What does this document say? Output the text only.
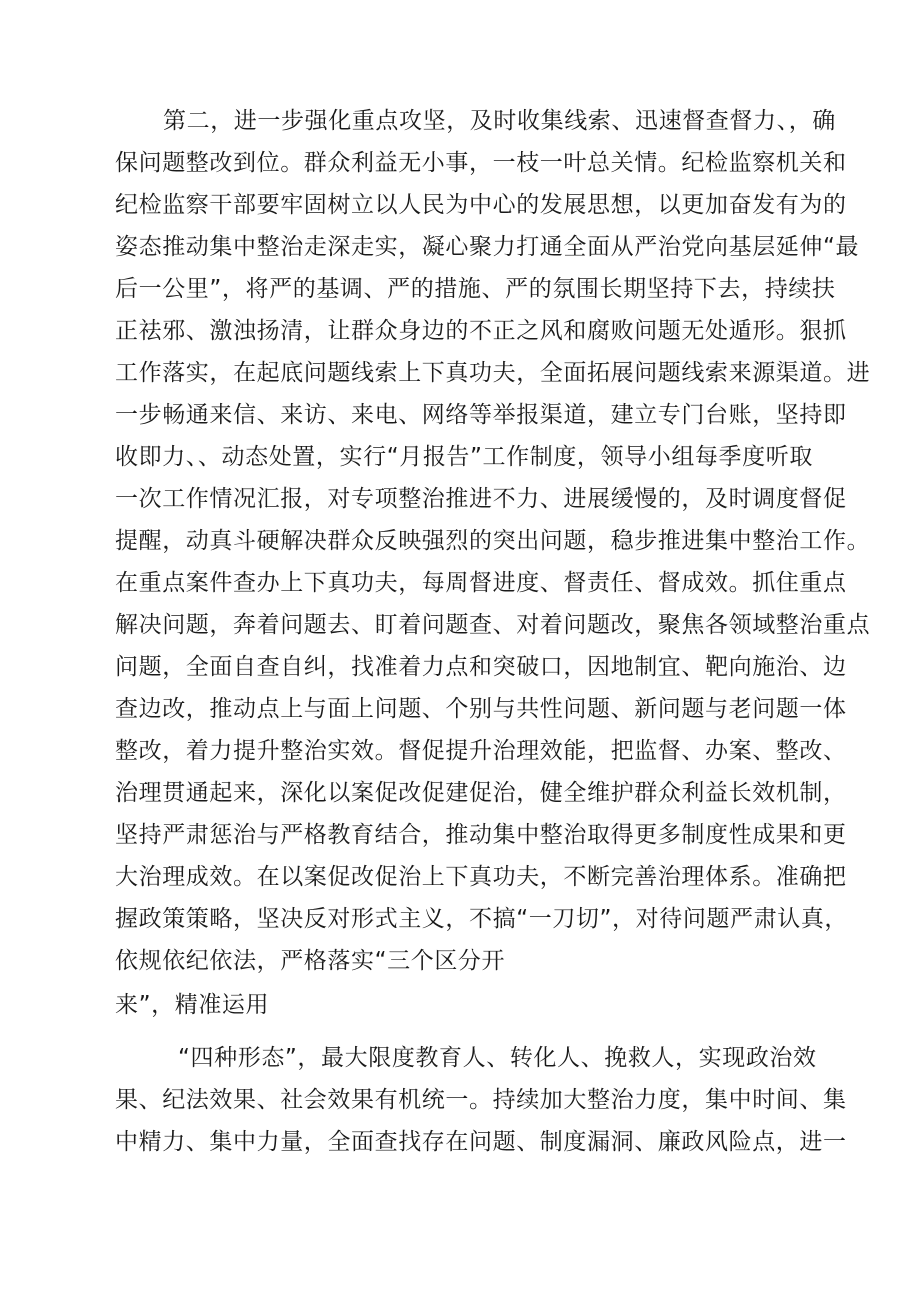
第二，进一步强化重点攻坚，及时收集线索、迅速督查督力、，确
保问题整改到位。群众利益无小事，一枝一叶总关情。纪检监察机关和
纪检监察干部要牢固树立以人民为中心的发展思想，以更加奋发有为的
姿态推动集中整治走深走实，凝心聚力打通全面从严治党向基层延伸“最
后一公里”，将严的基调、严的措施、严的氛围长期坚持下去，持续扶
正祛邪、激浊扬清，让群众身边的不正之风和腐败问题无处遁形。狠抓
工作落实，在起底问题线索上下真功夫，全面拓展问题线索来源渠道。进
一步畅通来信、来访、来电、网络等举报渠道，建立专门台账，坚持即
收即力、、动态处置，实行“月报告”工作制度，领导小组每季度听取
一次工作情况汇报，对专项整治推进不力、进展缓慢的，及时调度督促
提醒，动真斗硬解决群众反映强烈的突出问题，稳步推进集中整治工作。
在重点案件查办上下真功夫，每周督进度、督责任、督成效。抓住重点
解决问题，奔着问题去、盯着问题查、对着问题改，聚焦各领域整治重点
问题，全面自查自纠，找准着力点和突破口，因地制宜、靶向施治、边
查边改，推动点上与面上问题、个别与共性问题、新问题与老问题一体
整改，着力提升整治实效。督促提升治理效能，把监督、办案、整改、
治理贯通起来，深化以案促改促建促治，健全维护群众利益长效机制，
坚持严肃惩治与严格教育结合，推动集中整治取得更多制度性成果和更
大治理成效。在以案促改促治上下真功夫，不断完善治理体系。准确把
握政策策略，坚决反对形式主义，不搞“一刀切”，对待问题严肃认真，
依规依纪依法，严格落实“三个区分开
来”，精准运用
“四种形态”，最大限度教育人、转化人、挽救人，实现政治效
果、纪法效果、社会效果有机统一。持续加大整治力度，集中时间、集
中精力、集中力量，全面查找存在问题、制度漏洞、廉政风险点，进一
